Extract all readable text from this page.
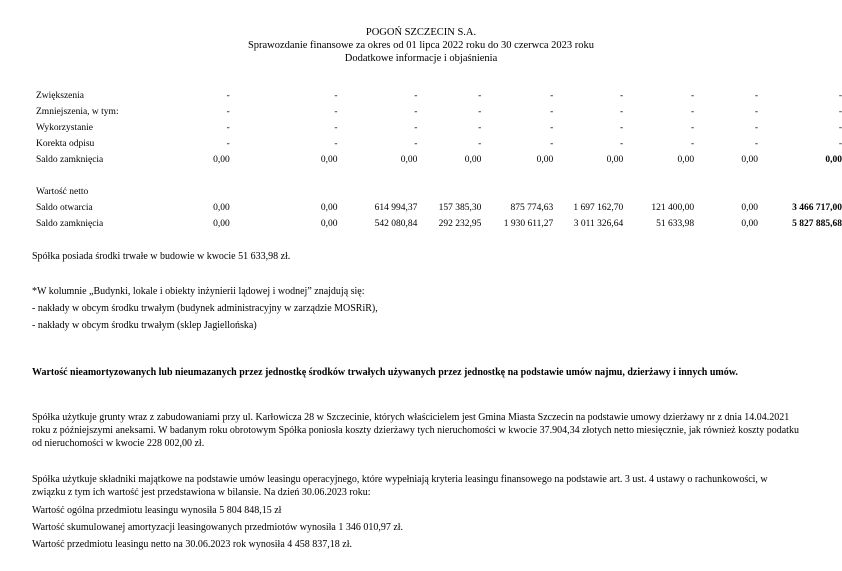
POGOŃ SZCZECIN S.A.
Sprawozdanie finansowe za okres od 01 lipca 2022 roku do 30 czerwca 2023 roku
Dodatkowe informacje i objaśnienia
Zwiększenia		-	-	-	-	-	-	-	-	-
Zmniejszenia, w tym:		-	-	-	-	-	-	-	-	-
Wykorzystanie		-	-	-	-	-	-	-	-	-
Korekta odpisu		-	-	-	-	-	-	-	-	-
Saldo zamknięcia		0,00	0,00	0,00	0,00	0,00	0,00	0,00	0,00	0,00

Wartość netto										
Saldo otwarcia		0,00	0,00	614 994,37	157 385,30	875 774,63	1 697 162,70	121 400,00	0,00	3 466 717,00
Saldo zamknięcia		0,00	0,00	542 080,84	292 232,95	1 930 611,27	3 011 326,64	51 633,98	0,00	5 827 885,68
Spółka posiada środki trwałe w budowie w kwocie 51 633,98 zł.
*W kolumnie „Budynki, lokale i obiekty inżynierii lądowej i wodnej” znajdują się:
- nakłady w obcym środku trwałym (budynek administracyjny w zarządzie MOSRiR),
- nakłady w obcym środku trwałym (sklep Jagiellońska)
Wartość nieamortyzowanych lub nieumazanych przez jednostkę środków trwałych używanych przez jednostkę na podstawie umów najmu, dzierżawy i innych umów.
Spółka użytkuje grunty wraz z zabudowaniami przy ul. Karłowicza 28 w Szczecinie, których właścicielem jest Gmina Miasta Szczecin na podstawie umowy dzierżawy nr z dnia 14.04.2021 roku z późniejszymi aneksami. W badanym roku obrotowym Spółka poniosła koszty dzierżawy tych nieruchomości w kwocie 37.904,34 złotych netto miesięcznie, jak również koszty podatku od nieruchomości w kwocie 228 002,00 zł.
Spółka użytkuje składniki majątkowe na podstawie umów leasingu operacyjnego, które wypełniają kryteria leasingu finansowego na podstawie art. 3 ust. 4 ustawy o rachunkowości, w związku z tym ich wartość jest przedstawiona w bilansie. Na dzień 30.06.2023 roku:
Wartość ogólna przedmiotu leasingu wynosiła 5 804 848,15 zł
Wartość skumulowanej amortyzacji leasingowanych przedmiotów wynosiła 1 346 010,97 zł.
Wartość przedmiotu leasingu netto na 30.06.2023 rok wynosiła 4 458 837,18 zł.
